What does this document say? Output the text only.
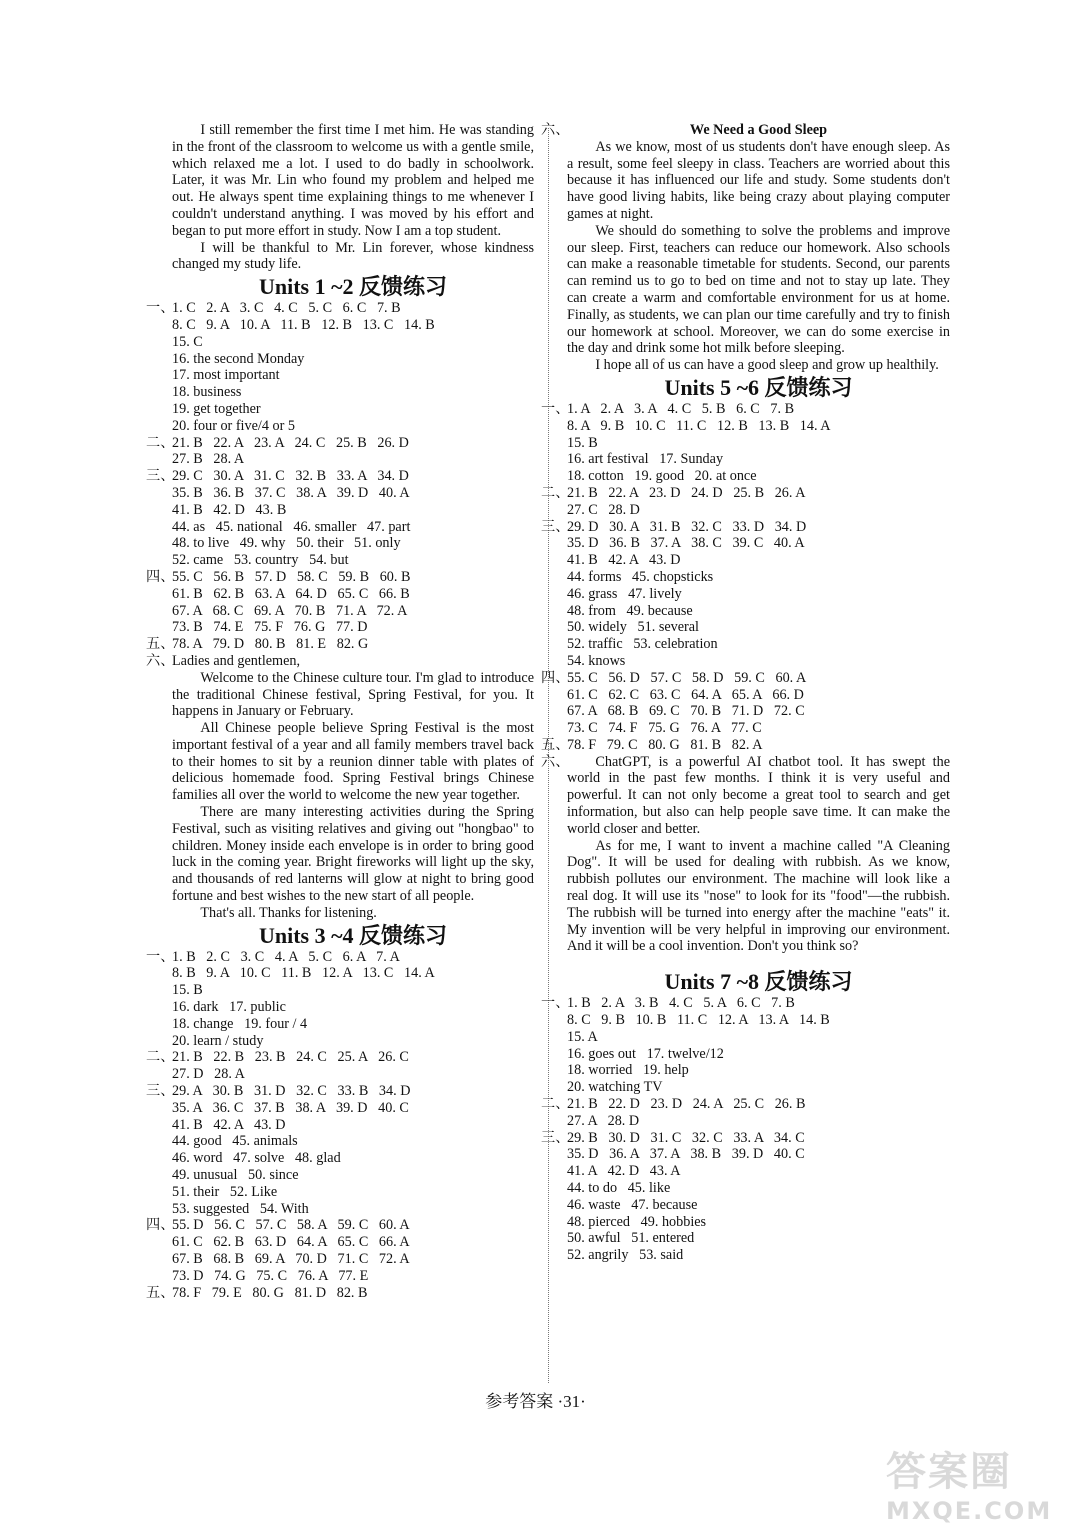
I still remember the first time I met him. He was standing in the front of the classroom to welcome us with a gentle smile, which relaxed me a lot. I used to do badly in schoolwork. Later, it was Mr. Lin who found my problem and helped me out. He always spent time explaining things to me whenever I couldn't understand anything. I was moved by his effort and began to put more effort in study. Now I am a top student.

I will be thankful to Mr. Lin forever, whose kindness changed my study life.

Units 1 ~2 反馈练习
一、
1. C   2. A   3. C   4. C   5. C   6. C   7. B
8. C   9. A   10. A   11. B   12. B   13. C   14. B
15. C
16. the second Monday
17. most important
18. business
19. get together
20. four or five/4 or 5
二、
21. B   22. A   23. A   24. C   25. B   26. D
27. B   28. A
三、
29. C   30. A   31. C   32. B   33. A   34. D
35. B   36. B   37. C   38. A   39. D   40. A
41. B   42. D   43. B
44. as   45. national   46. smaller   47. part
48. to live   49. why   50. their   51. only
52. came   53. country   54. but
四、
55. C   56. B   57. D   58. C   59. B   60. B
61. B   62. B   63. A   64. D   65. C   66. B
67. A   68. C   69. A   70. B   71. A   72. A
73. B   74. E   75. F   76. G   77. D
五、
78. A   79. D   80. B   81. E   82. G
六、

Ladies and gentlemen,

Welcome to the Chinese culture tour. I'm glad to introduce the traditional Chinese festival, Spring Festival, for you. It happens in January or February.

All Chinese people believe Spring Festival is the most important festival of a year and all family members travel back to their homes to sit by a reunion dinner table with plates of delicious homemade food. Spring Festival brings Chinese families all over the world to welcome the new year together.

There are many interesting activities during the Spring Festival, such as visiting relatives and giving out "hongbao" to children. Money inside each envelope is in order to bring good luck in the coming year. Bright fireworks will light up the sky, and thousands of red lanterns will glow at night to bring good fortune and best wishes to the new start of all people.

That's all. Thanks for listening.

Units 3 ~4 反馈练习
一、
1. B   2. C   3. C   4. A   5. C   6. A   7. A
8. B   9. A   10. C   11. B   12. A   13. C   14. A
15. B
16. dark   17. public
18. change   19. four / 4
20. learn / study
二、
21. B   22. B   23. B   24. C   25. A   26. C
27. D   28. A
三、
29. A   30. B   31. D   32. C   33. B   34. D
35. A   36. C   37. B   38. A   39. D   40. C
41. B   42. A   43. D
44. good   45. animals
46. word   47. solve   48. glad
49. unusual   50. since
51. their   52. Like
53. suggested   54. With
四、
55. D   56. C   57. C   58. A   59. C   60. A
61. C   62. B   63. D   64. A   65. C   66. A
67. B   68. B   69. A   70. D   71. C   72. A
73. D   74. G   75. C   76. A   77. E
五、
78. F   79. E   80. G   81. D   82. B
六、	We Need a Good Sleep

As we know, most of us students don't have enough sleep. As a result, some feel sleepy in class. Teachers are worried about this because it has influenced our life and study. Some students don't have good living habits, like being crazy about playing computer games at night.

We should do something to solve the problems and improve our sleep. First, teachers can reduce our homework. Also schools can make a reasonable timetable for students. Second, our parents can remind us to go to bed on time and not to stay up late. They can create a warm and comfortable environment for us at home. Finally, as students, we can plan our time carefully and try to finish our homework at school. Moreover, we can do some exercise in the day and drink some hot milk before sleeping.

I hope all of us can have a good sleep and grow up healthily.

Units 5 ~6 反馈练习
一、
1. A   2. A   3. A   4. C   5. B   6. C   7. B
8. A   9. B   10. C   11. C   12. B   13. B   14. A
15. B
16. art festival   17. Sunday
18. cotton   19. good   20. at once
二、
21. B   22. A   23. D   24. D   25. B   26. A
27. C   28. D
三、
29. D   30. A   31. B   32. C   33. D   34. D
35. D   36. B   37. A   38. C   39. C   40. A
41. B   42. A   43. D
44. forms   45. chopsticks
46. grass   47. lively
48. from   49. because
50. widely   51. several
52. traffic   53. celebration
54. knows
四、
55. C   56. D   57. C   58. D   59. C   60. A
61. C   62. C   63. C   64. A   65. A   66. D
67. A   68. B   69. C   70. B   71. D   72. C
73. C   74. F   75. G   76. A   77. C
五、
78. F   79. C   80. G   81. B   82. A
六、	ChatGPT, is a powerful AI chatbot tool. It has swept the world in the past few months. I think it is very useful and powerful. It can not only become a great tool to search and get information, but also can help people save time. It can make the world closer and better.

As for me, I want to invent a machine called "A Cleaning Dog". It will be used for dealing with rubbish. As we know, rubbish pollutes our environment. The machine will look like a real dog. It will use its "nose" to look for its "food"—the rubbish. The rubbish will be turned into energy after the machine "eats" it. My invention will be very helpful in improving our environment. And it will be a cool invention. Don't you think so?

Units 7 ~8 反馈练习
一、
1. B   2. A   3. B   4. C   5. A   6. C   7. B
8. C   9. B   10. B   11. C   12. A   13. A   14. B
15. A
16. goes out   17. twelve/12
18. worried   19. help
20. watching TV
二、
21. B   22. D   23. D   24. A   25. C   26. B
27. A   28. D
三、
29. B   30. D   31. C   32. C   33. A   34. C
35. D   36. A   37. A   38. B   39. D   40. C
41. A   42. D   43. A
44. to do   45. like
46. waste   47. because
48. pierced   49. hobbies
50. awful   51. entered
52. angrily   53. said
参考答案 ·31·
答案圈
MXQE.COM
